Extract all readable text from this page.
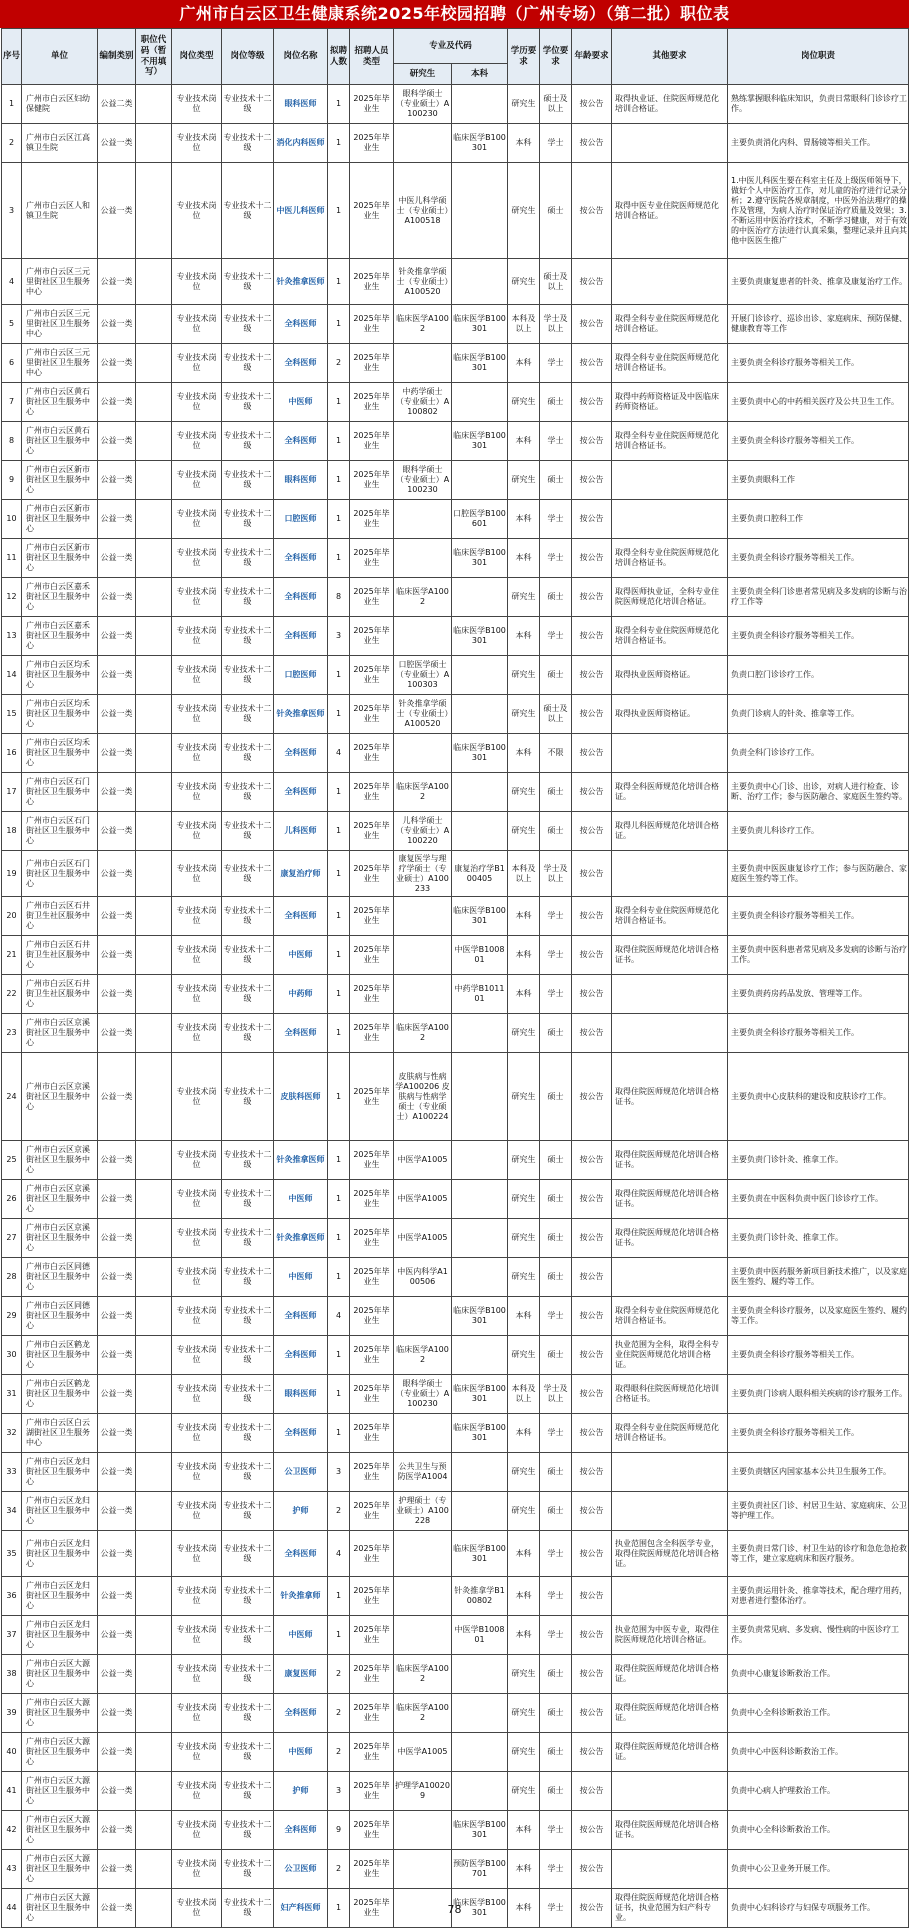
广州市白云区卫生健康系统2025年校园招聘（广州专场）（第二批）职位表
序号	单位	编制类别	职位代码（暂不用填写）	岗位类型	岗位等级	岗位名称	拟聘人数	招聘人员类型	专业及代码		学历要求	学位要求	年龄要求	其他要求	岗位职责
									研究生	本科					
1	广州市白云区妇幼保健院	公益二类		专业技术岗位	专业技术十二级	眼科医师	1	2025年毕业生	眼科学硕士（专业硕士）A100230		研究生	硕士及以上	按公告	取得执业证、住院医师规范化培训合格证。	熟练掌握眼科临床知识，负责日常眼科门诊诊疗工作。
2	广州市白云区江高镇卫生院	公益一类		专业技术岗位	专业技术十二级	消化内科医师	1	2025年毕业生		临床医学B100301	本科	学士	按公告		主要负责消化内科、胃肠镜等相关工作。
3	广州市白云区人和镇卫生院	公益一类		专业技术岗位	专业技术十二级	中医儿科医师	1	2025年毕业生	中医儿科学硕士（专业硕士）A100518		研究生	硕士	按公告	取得中医专业住院医师规范化培训合格证。	1.中医儿科医生要在科室主任及上级医师领导下，做好个人中医治疗工作，对儿童的治疗进行记录分析；2.遵守医院各规章制度，中医外治法理疗的操作及管理，为病人治疗时保证治疗质量及效果；3.不断运用中医治疗技术，不断学习健康，对于有效的中医治疗方法进行认真采集，整理记录并且向其他中医医生推广
4	广州市白云区三元里街社区卫生服务中心	公益一类		专业技术岗位	专业技术十二级	针灸推拿医师	1	2025年毕业生	针灸推拿学硕士（专业硕士）A100520		研究生	硕士及以上	按公告		主要负责康复患者的针灸、推拿及康复治疗工作。
5	广州市白云区三元里街社区卫生服务中心	公益一类		专业技术岗位	专业技术十二级	全科医师	1	2025年毕业生	临床医学A1002	临床医学B100301	本科及以上	学士及以上	按公告	取得全科专业住院医师规范化培训合格证。	开展门诊诊疗、巡诊出诊、家庭病床、预防保健、健康教育等工作
6	广州市白云区三元里街社区卫生服务中心	公益一类		专业技术岗位	专业技术十二级	全科医师	2	2025年毕业生		临床医学B100301	本科	学士	按公告	取得全科专业住院医师规范化培训合格证书。	主要负责全科诊疗服务等相关工作。
7	广州市白云区黄石街社区卫生服务中心	公益一类		专业技术岗位	专业技术十二级	中医师	1	2025年毕业生	中药学硕士（专业硕士）A100802		研究生	硕士	按公告	取得中药师资格证及中医临床药师资格证。	主要负责中心的中药相关医疗及公共卫生工作。
8	广州市白云区黄石街社区卫生服务中心	公益一类		专业技术岗位	专业技术十二级	全科医师	1	2025年毕业生		临床医学B100301	本科	学士	按公告	取得全科专业住院医师规范化培训合格证书。	主要负责全科诊疗服务等相关工作。
9	广州市白云区新市街社区卫生服务中心	公益一类		专业技术岗位	专业技术十二级	眼科医师	1	2025年毕业生	眼科学硕士（专业硕士）A100230		研究生	硕士	按公告		主要负责眼科工作
10	广州市白云区新市街社区卫生服务中心	公益一类		专业技术岗位	专业技术十二级	口腔医师	1	2025年毕业生		口腔医学B100601	本科	学士	按公告		主要负责口腔科工作
11	广州市白云区新市街社区卫生服务中心	公益一类		专业技术岗位	专业技术十二级	全科医师	1	2025年毕业生		临床医学B100301	本科	学士	按公告	取得全科专业住院医师规范化培训合格证书。	主要负责全科诊疗服务等相关工作。
12	广州市白云区嘉禾街社区卫生服务中心	公益一类		专业技术岗位	专业技术十二级	全科医师	8	2025年毕业生	临床医学A1002		研究生	硕士	按公告	取得医师执业证，全科专业住院医师规范化培训合格证。	主要负责全科门诊患者常见病及多发病的诊断与治疗工作等
13	广州市白云区嘉禾街社区卫生服务中心	公益一类		专业技术岗位	专业技术十二级	全科医师	3	2025年毕业生		临床医学B100301	本科	学士	按公告	取得全科专业住院医师规范化培训合格证书。	主要负责全科诊疗服务等相关工作。
14	广州市白云区均禾街社区卫生服务中心	公益一类		专业技术岗位	专业技术十二级	口腔医师	1	2025年毕业生	口腔医学硕士（专业硕士）A100303		研究生	硕士	按公告	取得执业医师资格证。	负责口腔门诊诊疗工作。
15	广州市白云区均禾街社区卫生服务中心	公益一类		专业技术岗位	专业技术十二级	针灸推拿医师	1	2025年毕业生	针灸推拿学硕士（专业硕士）A100520		研究生	硕士及以上	按公告	取得执业医师资格证。	负责门诊病人的针灸、推拿等工作。
16	广州市白云区均禾街社区卫生服务中心	公益一类		专业技术岗位	专业技术十二级	全科医师	4	2025年毕业生		临床医学B100301	本科	不限	按公告		负责全科门诊诊疗工作。
17	广州市白云区石门街社区卫生服务中心	公益一类		专业技术岗位	专业技术十二级	全科医师	1	2025年毕业生	临床医学A1002		研究生	硕士	按公告	取得全科医师规范化培训合格证。	主要负责中心门诊、出诊，对病人进行检查、诊断、治疗工作；参与医防融合、家庭医生签约等。
18	广州市白云区石门街社区卫生服务中心	公益一类		专业技术岗位	专业技术十二级	儿科医师	1	2025年毕业生	儿科学硕士（专业硕士）A100220		研究生	硕士	按公告	取得儿科医师规范化培训合格证。	主要负责儿科诊疗工作。
19	广州市白云区石门街社区卫生服务中心	公益一类		专业技术岗位	专业技术十二级	康复治疗师	1	2025年毕业生	康复医学与理疗学硕士（专业硕士）A100233	康复治疗学B100405	本科及以上	学士及以上	按公告		主要负责中医医康复诊疗工作；参与医防融合、家庭医生签约等工作。
20	广州市白云区石井街卫生社区服务中心	公益一类		专业技术岗位	专业技术十二级	全科医师	1	2025年毕业生		临床医学B100301	本科	学士	按公告	取得全科专业住院医师规范化培训合格证书。	主要负责全科诊疗服务等相关工作。
21	广州市白云区石井街卫生社区服务中心	公益一类		专业技术岗位	专业技术十二级	中医师	1	2025年毕业生		中医学B100801	本科	学士	按公告	取得住院医师规范化培训合格证书。	主要负责中医科患者常见病及多发病的诊断与治疗工作。
22	广州市白云区石井街卫生社区服务中心	公益一类		专业技术岗位	专业技术十二级	中药师	1	2025年毕业生		中药学B101101	本科	学士	按公告		主要负责药房药品发放、管理等工作。
23	广州市白云区京溪街社区卫生服务中心	公益一类		专业技术岗位	专业技术十二级	全科医师	1	2025年毕业生	临床医学A1002		研究生	硕士	按公告		主要负责全科诊疗服务等相关工作。
24	广州市白云区京溪街社区卫生服务中心	公益一类		专业技术岗位	专业技术十二级	皮肤科医师	1	2025年毕业生	皮肤病与性病学A100206 皮肤病与性病学硕士（专业硕士）A100224		研究生	硕士	按公告	取得住院医师规范化培训合格证书。	主要负责中心皮肤科的建设和皮肤诊疗工作。
25	广州市白云区京溪街社区卫生服务中心	公益一类		专业技术岗位	专业技术十二级	针灸推拿医师	1	2025年毕业生	中医学A1005		研究生	硕士	按公告	取得住院医师规范化培训合格证书。	主要负责门诊针灸、推拿工作。
26	广州市白云区京溪街社区卫生服务中心	公益一类		专业技术岗位	专业技术十二级	中医师	1	2025年毕业生	中医学A1005		研究生	硕士	按公告	取得住院医师规范化培训合格证书。	主要负责在中医科负责中医门诊诊疗工作。
27	广州市白云区京溪街社区卫生服务中心	公益一类		专业技术岗位	专业技术十二级	针灸推拿医师	1	2025年毕业生	中医学A1005		研究生	硕士	按公告	取得住院医师规范化培训合格证书。	主要负责门诊针灸、推拿工作。
28	广州市白云区同德街社区卫生服务中心	公益一类		专业技术岗位	专业技术十二级	中医师	1	2025年毕业生	中医内科学A100506		研究生	硕士	按公告		主要负责中医药服务新项目新技术推广，以及家庭医生签约、履约等工作。
29	广州市白云区同德街社区卫生服务中心	公益一类		专业技术岗位	专业技术十二级	全科医师	4	2025年毕业生		临床医学B100301	本科	学士	按公告	取得全科专业住院医师规范化培训合格证书。	主要负责全科诊疗服务，以及家庭医生签约、履约等工作。
30	广州市白云区鹤龙街社区卫生服务中心	公益一类		专业技术岗位	专业技术十二级	全科医师	1	2025年毕业生	临床医学A1002		研究生	硕士	按公告	执业范围为全科，取得全科专业住院医师规范化培训合格证。	主要负责全科诊疗服务等相关工作。
31	广州市白云区鹤龙街社区卫生服务中心	公益一类		专业技术岗位	专业技术十二级	眼科医师	1	2025年毕业生	眼科学硕士（专业硕士）A100230	临床医学B100301	本科及以上	学士及以上	按公告	取得眼科住院医师规范化培训合格证书。	主要负责门诊病人眼科相关疾病的诊疗服务工作。
32	广州市白云区白云湖街社区卫生服务中心	公益一类		专业技术岗位	专业技术十二级	全科医师	1	2025年毕业生		临床医学B100301	本科	学士	按公告	取得全科专业住院医师规范化培训合格证书。	主要负责全科诊疗服务等相关工作。
33	广州市白云区龙归街社区卫生服务中心	公益一类		专业技术岗位	专业技术十二级	公卫医师	3	2025年毕业生	公共卫生与预防医学A1004		研究生	硕士	按公告		主要负责辖区内国家基本公共卫生服务工作。
34	广州市白云区龙归街社区卫生服务中心	公益一类		专业技术岗位	专业技术十二级	护师	2	2025年毕业生	护理硕士（专业硕士）A100228		研究生	硕士	按公告		主要负责社区门诊、村居卫生站、家庭病床、公卫等护理工作。
35	广州市白云区龙归街社区卫生服务中心	公益一类		专业技术岗位	专业技术十二级	全科医师	4	2025年毕业生		临床医学B100301	本科	学士	按公告	执业范围包含全科医学专业，取得住院医师规范化培训合格证。	主要负责日常门诊、村卫生站的诊疗和急危急抢救等工作，建立家庭病床和医疗服务。
36	广州市白云区龙归街社区卫生服务中心	公益一类		专业技术岗位	专业技术十二级	针灸推拿师	1	2025年毕业生		针灸推拿学B100802	本科	学士	按公告		主要负责运用针灸、推拿等技术，配合理疗用药，对患者进行整体治疗。
37	广州市白云区龙归街社区卫生服务中心	公益一类		专业技术岗位	专业技术十二级	中医师	1	2025年毕业生		中医学B100801	本科	学士	按公告	执业范围为中医专业，取得住院医师规范化培训合格证。	主要负责常见病、多发病、慢性病的中医诊疗工作。
38	广州市白云区大源街社区卫生服务中心	公益一类		专业技术岗位	专业技术十二级	康复医师	2	2025年毕业生	临床医学A1002		研究生	硕士	按公告	取得住院医师规范化培训合格证。	负责中心康复诊断救治工作。
39	广州市白云区大源街社区卫生服务中心	公益一类		专业技术岗位	专业技术十二级	全科医师	2	2025年毕业生	临床医学A1002		研究生	硕士	按公告	取得住院医师规范化培训合格证。	负责中心全科诊断救治工作。
40	广州市白云区大源街社区卫生服务中心	公益一类		专业技术岗位	专业技术十二级	中医师	2	2025年毕业生	中医学A1005		研究生	硕士	按公告	取得住院医师规范化培训合格证。	负责中心中医科诊断救治工作。
41	广州市白云区大源街社区卫生服务中心	公益一类		专业技术岗位	专业技术十二级	护师	3	2025年毕业生	护理学A100209		研究生	硕士	按公告		负责中心病人护理救治工作。
42	广州市白云区大源街社区卫生服务中心	公益一类		专业技术岗位	专业技术十二级	全科医师	9	2025年毕业生		临床医学B100301	本科	学士	按公告	取得住院医师规范化培训合格证书。	负责中心全科诊断救治工作。
43	广州市白云区大源街社区卫生服务中心	公益一类		专业技术岗位	专业技术十二级	公卫医师	2	2025年毕业生		预防医学B100701	本科	学士	按公告		负责中心公卫业务开展工作。
44	广州市白云区大源街社区卫生服务中心	公益一类		专业技术岗位	专业技术十二级	妇产科医师	1	2025年毕业生		临床医学B100301	本科	学士	按公告	取得住院医师规范化培训合格证书，执业范围为妇产科专业。	负责中心妇科诊疗与妇保专项服务工作。
78
